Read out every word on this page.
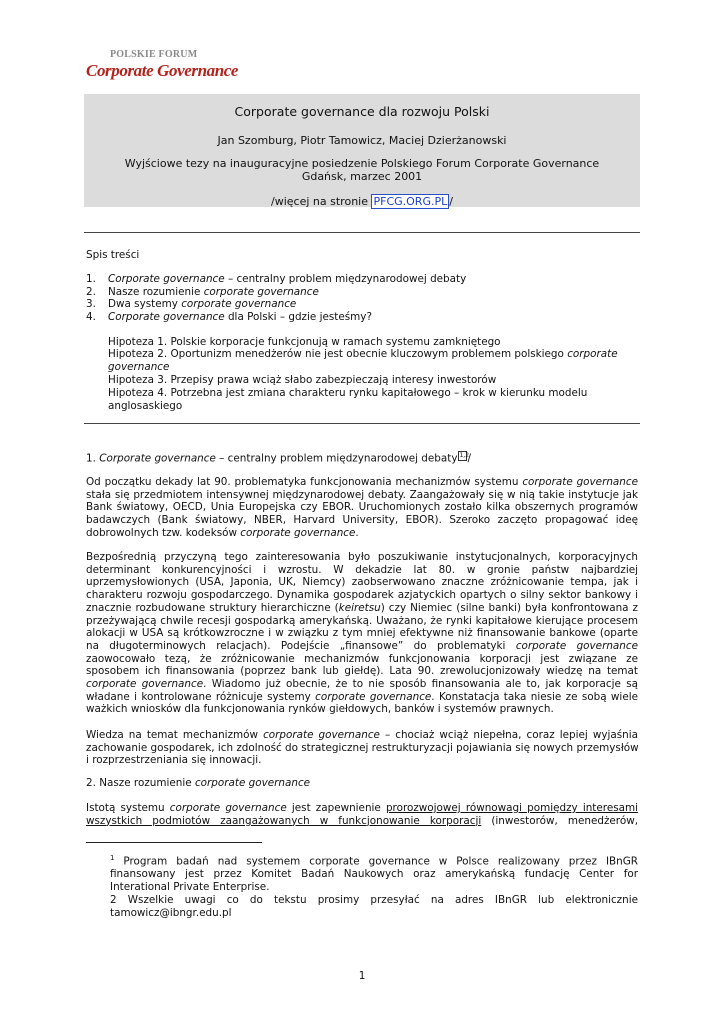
POLSKIE FORUM
Corporate Governance
Corporate governance dla rozwoju Polski
Jan Szomburg, Piotr Tamowicz, Maciej Dzierżanowski
Wyjściowe tezy na inauguracyjne posiedzenie Polskiego Forum Corporate Governance
Gdańsk, marzec 2001
/więcej na stronie PFCG.ORG.PL /
Spis treści
1. Corporate governance – centralny problem międzynarodowej debaty
2. Nasze rozumienie corporate governance
3. Dwa systemy corporate governance
4. Corporate governance dla Polski – gdzie jesteśmy?
Hipoteza 1. Polskie korporacje funkcjonują w ramach systemu zamkniętego
Hipoteza 2. Oportunizm menedżerów nie jest obecnie kluczowym problemem polskiego corporate
governance
Hipoteza 3. Przepisy prawa wciąż słabo zabezpieczają interesy inwestorów
Hipoteza 4. Potrzebna jest zmiana charakteru rynku kapitałowego – krok w kierunku modelu
anglosaskiego
1. Corporate governance – centralny problem międzynarodowej debaty 1,2/
Od początku dekady lat 90. problematyka funkcjonowania mechanizmów systemu corporate governance
stała się przedmiotem intensywnej międzynarodowej debaty. Zaangażowały się w nią takie instytucje jak
Bank światowy, OECD, Unia Europejska czy EBOR. Uruchomionych zostało kilka obszernych programów
badawczych (Bank światowy, NBER, Harvard University, EBOR). Szeroko zaczęto propagować ideę
dobrowolnych tzw. kodeksów corporate governance.
Bezpośrednią przyczyną tego zainteresowania było poszukiwanie instytucjonalnych, korporacyjnych
determinant konkurencyjności i wzrostu. W dekadzie lat 80. w gronie państw najbardziej
uprzemysłowionych (USA, Japonia, UK, Niemcy) zaobserwowano znaczne zróżnicowanie tempa, jak i
charakteru rozwoju gospodarczego. Dynamika gospodarek azjatyckich opartych o silny sektor bankowy i
znacznie rozbudowane struktury hierarchiczne (keiretsu) czy Niemiec (silne banki) była konfrontowana z
przeżywającą chwile recesji gospodarką amerykańską. Uważano, że rynki kapitałowe kierujące procesem
alokacji w USA są krótkowzroczne i w związku z tym mniej efektywne niż finansowanie bankowe (oparte
na długoterminowych relacjach). Podejście „finansowe” do problematyki corporate governance
zaowocowało tezą, że zróżnicowanie mechanizmów funkcjonowania korporacji jest związane ze
sposobem ich finansowania (poprzez bank lub giełdę). Lata 90. zrewolucjonizowały wiedzę na temat
corporate governance. Wiadomo już obecnie, że to nie sposób finansowania ale to, jak korporacje są
władane i kontrolowane różnicuje systemy corporate governance. Konstatacja taka niesie ze sobą wiele
ważkich wniosków dla funkcjonowania rynków giełdowych, banków i systemów prawnych.
Wiedza na temat mechanizmów corporate governance – chociaż wciąż niepełna, coraz lepiej wyjaśnia
zachowanie gospodarek, ich zdolność do strategicznej restrukturyzacji pojawiania się nowych przemysłów
i rozprzestrzeniania się innowacji.
2. Nasze rozumienie corporate governance
Istotą systemu corporate governance jest zapewnienie prorozwojowej równowagi pomiędzy interesami
wszystkich podmiotów zaangażowanych w funkcjonowanie korporacji (inwestorów, menedżerów,
$^1$ Program badań nad systemem corporate governance w Polsce realizowany przez IBnGR
finansowany jest przez Komitet Badań Naukowych oraz amerykańską fundację Center for
Interational Private Enterprise.
2 Wszelkie uwagi co do tekstu prosimy przesyłać na adres IBnGR lub elektronicznie
tamowicz@ibngr.edu.pl
1
